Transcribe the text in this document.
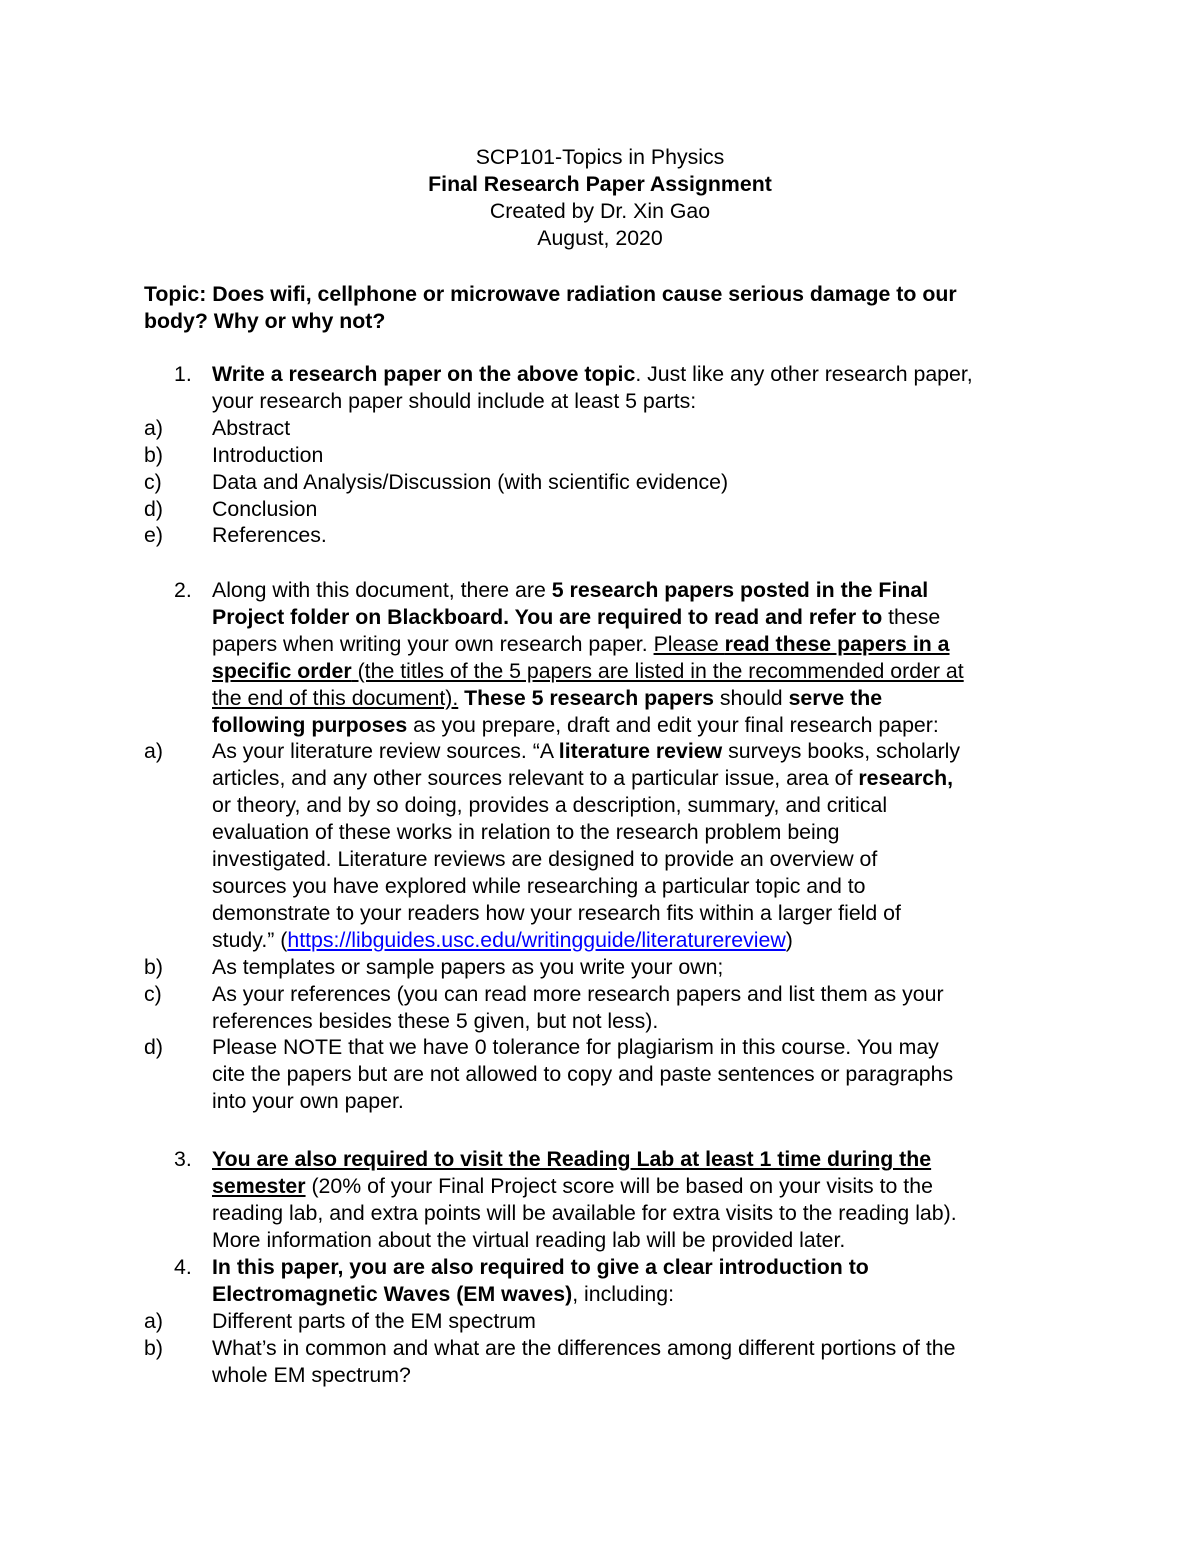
SCP101-Topics in Physics
Final Research Paper Assignment
Created by Dr. Xin Gao
August, 2020
Topic: Does wifi, cellphone or microwave radiation cause serious damage to our
body? Why or why not?
1. Write a research paper on the above topic. Just like any other research paper,
your research paper should include at least 5 parts:
a) Abstract
b) Introduction
c) Data and Analysis/Discussion (with scientific evidence)
d) Conclusion
e) References.
2. Along with this document, there are 5 research papers posted in the Final
Project folder on Blackboard. You are required to read and refer to these
papers when writing your own research paper. Please read these papers in a
specific order (the titles of the 5 papers are listed in the recommended order at
the end of this document). These 5 research papers should serve the
following purposes as you prepare, draft and edit your final research paper:
a) As your literature review sources. “A literature review surveys books, scholarly
articles, and any other sources relevant to a particular issue, area of research,
or theory, and by so doing, provides a description, summary, and critical
evaluation of these works in relation to the research problem being
investigated. Literature reviews are designed to provide an overview of
sources you have explored while researching a particular topic and to
demonstrate to your readers how your research fits within a larger field of
study.” (https://libguides.usc.edu/writingguide/literaturereview)
b) As templates or sample papers as you write your own;
c) As your references (you can read more research papers and list them as your
references besides these 5 given, but not less).
d) Please NOTE that we have 0 tolerance for plagiarism in this course. You may
cite the papers but are not allowed to copy and paste sentences or paragraphs
into your own paper.
3. You are also required to visit the Reading Lab at least 1 time during the
semester (20% of your Final Project score will be based on your visits to the
reading lab, and extra points will be available for extra visits to the reading lab).
More information about the virtual reading lab will be provided later.
4. In this paper, you are also required to give a clear introduction to
Electromagnetic Waves (EM waves), including:
a) Different parts of the EM spectrum
b) What’s in common and what are the differences among different portions of the
whole EM spectrum?
